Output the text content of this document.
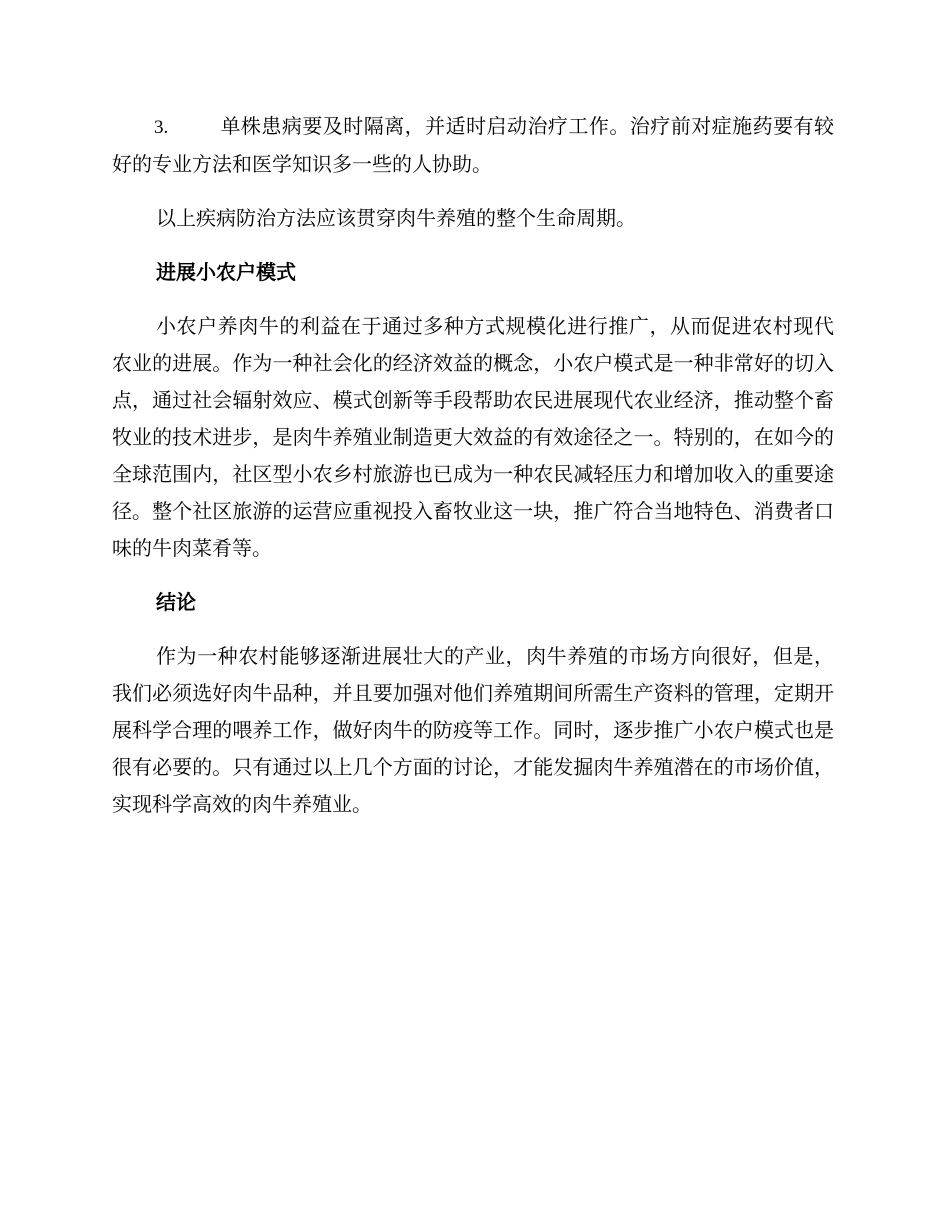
3.	单株患病要及时隔离，并适时启动治疗工作。治疗前对症施药要有较好的专业方法和医学知识多一些的人协助。

以上疾病防治方法应该贯穿肉牛养殖的整个生命周期。

进展小农户模式

小农户养肉牛的利益在于通过多种方式规模化进行推广，从而促进农村现代农业的进展。作为一种社会化的经济效益的概念，小农户模式是一种非常好的切入点，通过社会辐射效应、模式创新等手段帮助农民进展现代农业经济，推动整个畜牧业的技术进步，是肉牛养殖业制造更大效益的有效途径之一。特别的，在如今的全球范围内，社区型小农乡村旅游也已成为一种农民减轻压力和增加收入的重要途径。整个社区旅游的运营应重视投入畜牧业这一块，推广符合当地特色、消费者口味的牛肉菜肴等。

结论

作为一种农村能够逐渐进展壮大的产业，肉牛养殖的市场方向很好，但是，我们必须选好肉牛品种，并且要加强对他们养殖期间所需生产资料的管理，定期开展科学合理的喂养工作，做好肉牛的防疫等工作。同时，逐步推广小农户模式也是很有必要的。只有通过以上几个方面的讨论，才能发掘肉牛养殖潜在的市场价值，实现科学高效的肉牛养殖业。
